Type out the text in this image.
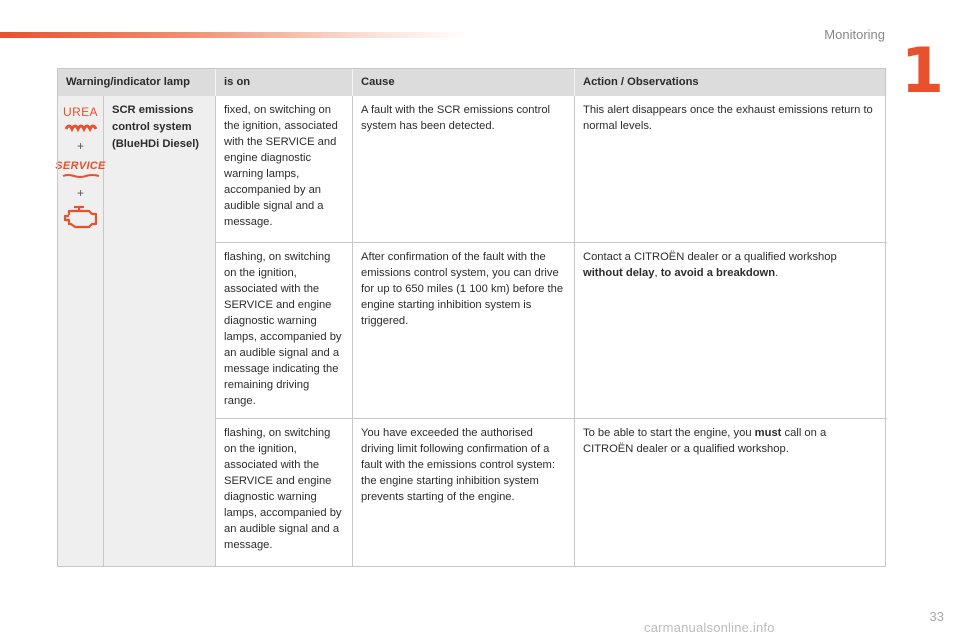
Monitoring 1
Warning/indicator lamp		is on	Cause	Action / Observations

UREA
+
SERVICE
+	SCR emissions control system (BlueHDi Diesel)	fixed, on switching on the ignition, associated with the SERVICE and engine diagnostic warning lamps, accompanied by an audible signal and a message.	A fault with the SCR emissions control system has been detected.	This alert disappears once the exhaust emissions return to normal levels.
		flashing, on switching on the ignition, associated with the SERVICE and engine diagnostic warning lamps, accompanied by an audible signal and a message indicating the remaining driving range.	After confirmation of the fault with the emissions control system, you can drive for up to 650 miles (1 100 km) before the engine starting inhibition system is triggered.	Contact a CITROËN dealer or a qualified workshop without delay, to avoid a breakdown.
		flashing, on switching on the ignition, associated with the SERVICE and engine diagnostic warning lamps, accompanied by an audible signal and a message.	You have exceeded the authorised driving limit following confirmation of a fault with the emissions control system: the engine starting inhibition system prevents starting of the engine.	To be able to start the engine, you must call on a CITROËN dealer or a qualified workshop.
33
carmanualsonline.info
